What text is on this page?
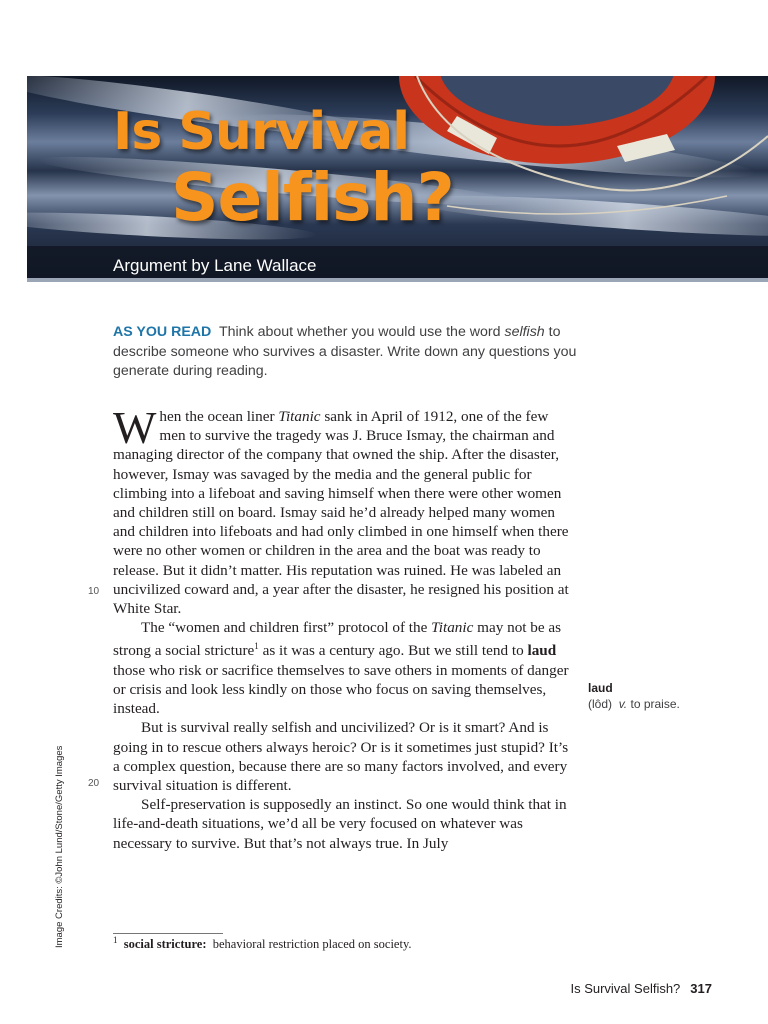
Is Survival
Selfish?
Argument by Lane Wallace
AS YOU READ Think about whether you would use the word selfish to describe someone who survives a disaster. Write down any questions you generate during reading.

When the ocean liner Titanic sank in April of 1912, one of the few men to survive the tragedy was J. Bruce Ismay, the chairman and managing director of the company that owned the ship. After the disaster, however, Ismay was savaged by the media and the general public for climbing into a lifeboat and saving himself when there were other women and children still on board. Ismay said he’d already helped many women and children into lifeboats and had only climbed in one himself when there were no other women or children in the area and the boat was ready to release. But it didn’t matter. His reputation was ruined. He was labeled an uncivilized coward and, a year after the disaster, he resigned his position at White Star.

The “women and children first” protocol of the Titanic may not be as strong a social stricture$^1$ as it was a century ago. But we still tend to laud those who risk or sacrifice themselves to save others in moments of danger or crisis and look less kindly on those who focus on saving themselves, instead.

But is survival really selfish and uncivilized? Or is it smart? And is going in to rescue others always heroic? Or is it sometimes just stupid? It’s a complex question, because there are so many factors involved, and every survival situation is different.

Self-preservation is supposedly an instinct. So one would think that in life-and-death situations, we’d all be very focused on whatever was necessary to survive. But that’s not always true. In July

10
20
laud
(lôd) v. to praise.
Image Credits: ©John Lund/Stone/Getty Images	$^1$ social stricture: behavioral restriction placed on society.
Is Survival Selfish? 317
